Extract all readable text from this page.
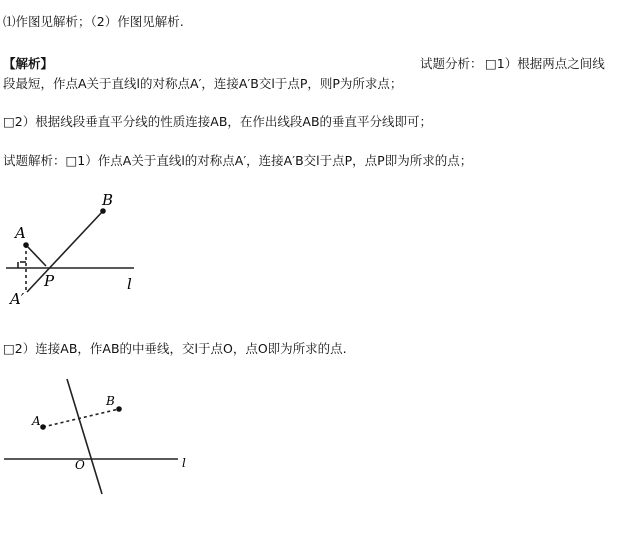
⑴作图见解析；（2）作图见解析.
【解析】	试题分析： □1）根据两点之间线
段最短，作点A关于直线l的对称点A′，连接A′B交l于点P，则P为所求点；
□2）根据线段垂直平分线的性质连接AB，在作出线段AB的垂直平分线即可；
试题解析：□1）作点A关于直线l的对称点A′，连接A′B交l于点P，点P即为所求的点；
A
B
P
A′
l
A
B
O	l
□2）连接AB，作AB的中垂线，交l于点O，点O即为所求的点.
